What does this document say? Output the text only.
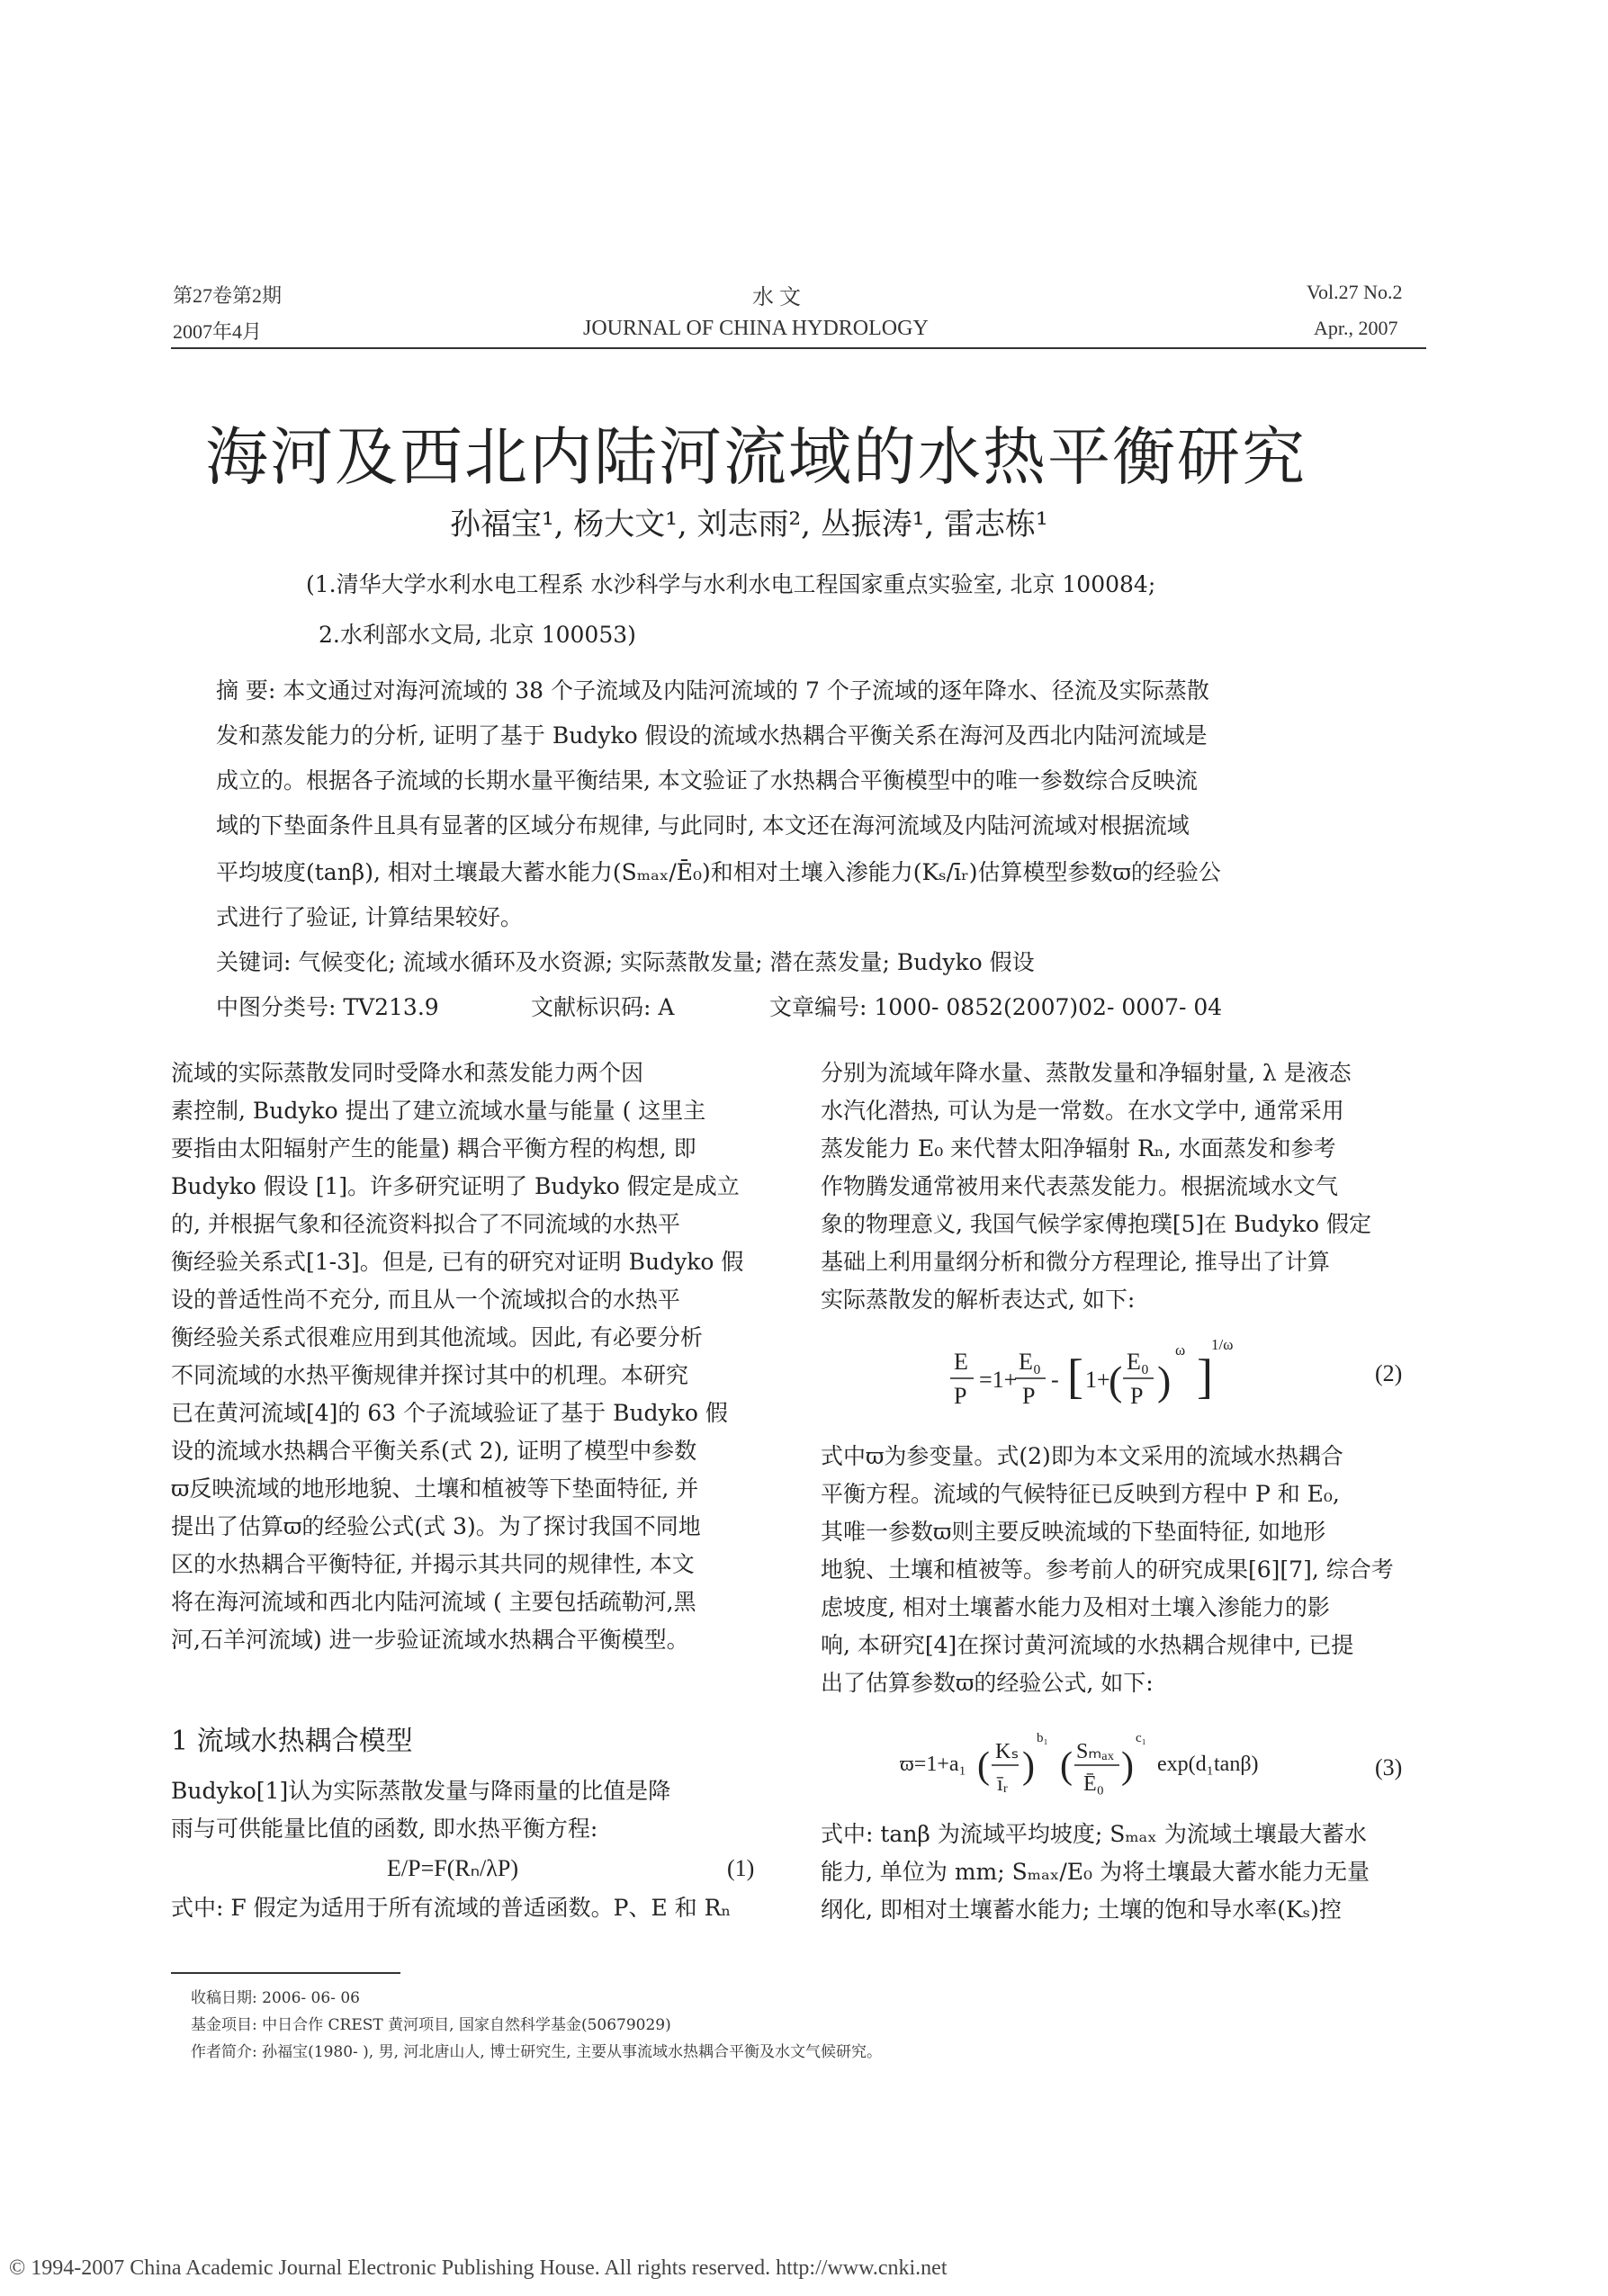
第27卷第2期
2007年4月
水 文
JOURNAL OF CHINA HYDROLOGY
Vol.27 No.2
Apr., 2007
海河及西北内陆河流域的水热平衡研究
孙福宝¹, 杨大文¹, 刘志雨², 丛振涛¹, 雷志栋¹
(1.清华大学水利水电工程系 水沙科学与水利水电工程国家重点实验室, 北京 100084;
2.水利部水文局, 北京 100053)
摘 要: 本文通过对海河流域的 38 个子流域及内陆河流域的 7 个子流域的逐年降水、径流及实际蒸散
发和蒸发能力的分析, 证明了基于 Budyko 假设的流域水热耦合平衡关系在海河及西北内陆河流域是
成立的。根据各子流域的长期水量平衡结果, 本文验证了水热耦合平衡模型中的唯一参数综合反映流
域的下垫面条件且具有显著的区域分布规律, 与此同时, 本文还在海河流域及内陆河流域对根据流域
平均坡度(tanβ), 相对土壤最大蓄水能力(Sₘₐₓ/Ē₀)和相对土壤入渗能力(Kₛ/īᵣ)估算模型参数ϖ的经验公
式进行了验证, 计算结果较好。
关键词: 气候变化; 流域水循环及水资源; 实际蒸散发量; 潜在蒸发量; Budyko 假设
中图分类号: TV213.9	文献标识码: A	文章编号: 1000- 0852(2007)02- 0007- 04

流域的实际蒸散发同时受降水和蒸发能力两个因

素控制, Budyko 提出了建立流域水量与能量 ( 这里主

要指由太阳辐射产生的能量) 耦合平衡方程的构想, 即

Budyko 假设 [1]。许多研究证明了 Budyko 假定是成立

的, 并根据气象和径流资料拟合了不同流域的水热平

衡经验关系式[1-3]。但是, 已有的研究对证明 Budyko 假

设的普适性尚不充分, 而且从一个流域拟合的水热平

衡经验关系式很难应用到其他流域。因此, 有必要分析

不同流域的水热平衡规律并探讨其中的机理。本研究

已在黄河流域[4]的 63 个子流域验证了基于 Budyko 假

设的流域水热耦合平衡关系(式 2), 证明了模型中参数

ϖ反映流域的地形地貌、土壤和植被等下垫面特征, 并

提出了估算ϖ的经验公式(式 3)。为了探讨我国不同地

区的水热耦合平衡特征, 并揭示其共同的规律性, 本文

将在海河流域和西北内陆河流域 ( 主要包括疏勒河,黑

河,石羊河流域) 进一步验证流域水热耦合平衡模型。

1 流域水热耦合模型

Budyko[1]认为实际蒸散发量与降雨量的比值是降

雨与可供能量比值的函数, 即水热平衡方程:

E/P=F(Rₙ/λP)	(1)

式中: F 假定为适用于所有流域的普适函数。P、E 和 Rₙ

分别为流域年降水量、蒸散发量和净辐射量, λ 是液态

水汽化潜热, 可认为是一常数。在水文学中, 通常采用

蒸发能力 E₀ 来代替太阳净辐射 Rₙ, 水面蒸发和参考

作物腾发通常被用来代表蒸发能力。根据流域水文气

象的物理意义, 我国气候学家傅抱璞[5]在 Budyko 假定

基础上利用量纲分析和微分方程理论, 推导出了计算

实际蒸散发的解析表达式, 如下:

E
P
=1+
E₀
P
- [ 1+
( E₀
P )
ω ]
1/ω
(2)

式中ϖ为参变量。式(2)即为本文采用的流域水热耦合

平衡方程。流域的气候特征已反映到方程中 P 和 E₀,

其唯一参数ϖ则主要反映流域的下垫面特征, 如地形

地貌、土壤和植被等。参考前人的研究成果[6][7], 综合考

虑坡度, 相对土壤蓄水能力及相对土壤入渗能力的影

响, 本研究[4]在探讨黄河流域的水热耦合规律中, 已提

出了估算参数ϖ的经验公式, 如下:

ϖ=1+a₁ ( Kₛ
īᵣ )
b₁
( Sₘₐₓ
Ē₀ )
c₁
exp(d₁tanβ)	(3)

式中: tanβ 为流域平均坡度; Sₘₐₓ 为流域土壤最大蓄水

能力, 单位为 mm; Sₘₐₓ/E₀ 为将土壤最大蓄水能力无量

纲化, 即相对土壤蓄水能力; 土壤的饱和导水率(Kₛ)控

收稿日期: 2006- 06- 06
基金项目: 中日合作 CREST 黄河项目, 国家自然科学基金(50679029)
作者简介: 孙福宝(1980- ), 男, 河北唐山人, 博士研究生, 主要从事流域水热耦合平衡及水文气候研究。
© 1994-2007 China Academic Journal Electronic Publishing House. All rights reserved. http://www.cnki.net
